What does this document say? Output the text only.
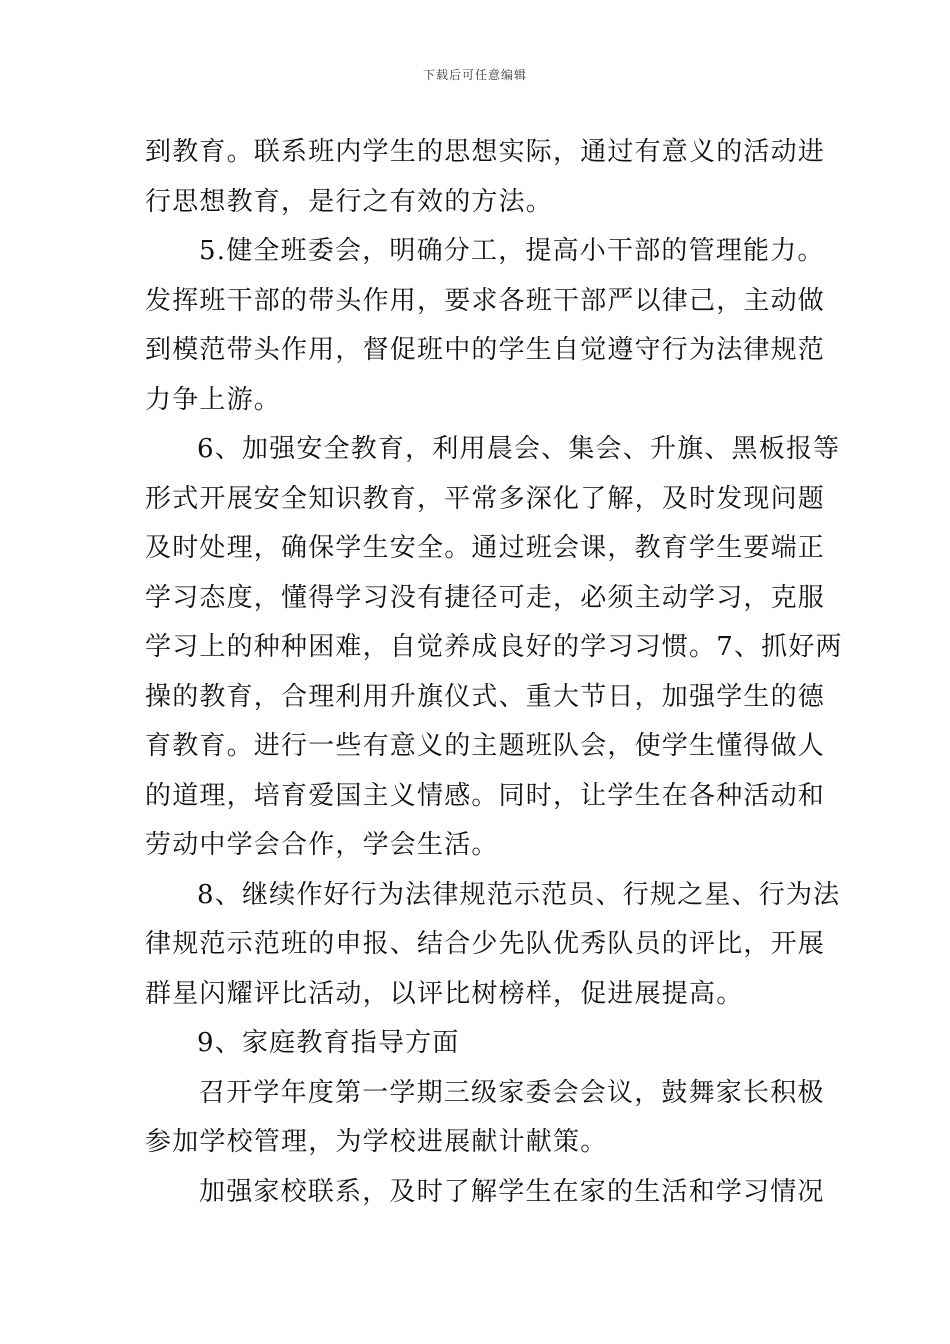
下载后可任意编辑
到教育。联系班内学生的思想实际，通过有意义的活动进
行思想教育，是行之有效的方法。
5.健全班委会，明确分工，提高小干部的管理能力。
发挥班干部的带头作用，要求各班干部严以律己，主动做
到模范带头作用，督促班中的学生自觉遵守行为法律规范
力争上游。
6、加强安全教育，利用晨会、集会、升旗、黑板报等
形式开展安全知识教育，平常多深化了解，及时发现问题
及时处理，确保学生安全。通过班会课，教育学生要端正
学习态度，懂得学习没有捷径可走，必须主动学习，克服
学习上的种种困难，自觉养成良好的学习习惯。7、抓好两
操的教育，合理利用升旗仪式、重大节日，加强学生的德
育教育。进行一些有意义的主题班队会，使学生懂得做人
的道理，培育爱国主义情感。同时，让学生在各种活动和
劳动中学会合作，学会生活。
8、继续作好行为法律规范示范员、行规之星、行为法
律规范示范班的申报、结合少先队优秀队员的评比，开展
群星闪耀评比活动，以评比树榜样，促进展提高。
9、家庭教育指导方面
召开学年度第一学期三级家委会会议，鼓舞家长积极
参加学校管理，为学校进展献计献策。
加强家校联系，及时了解学生在家的生活和学习情况
